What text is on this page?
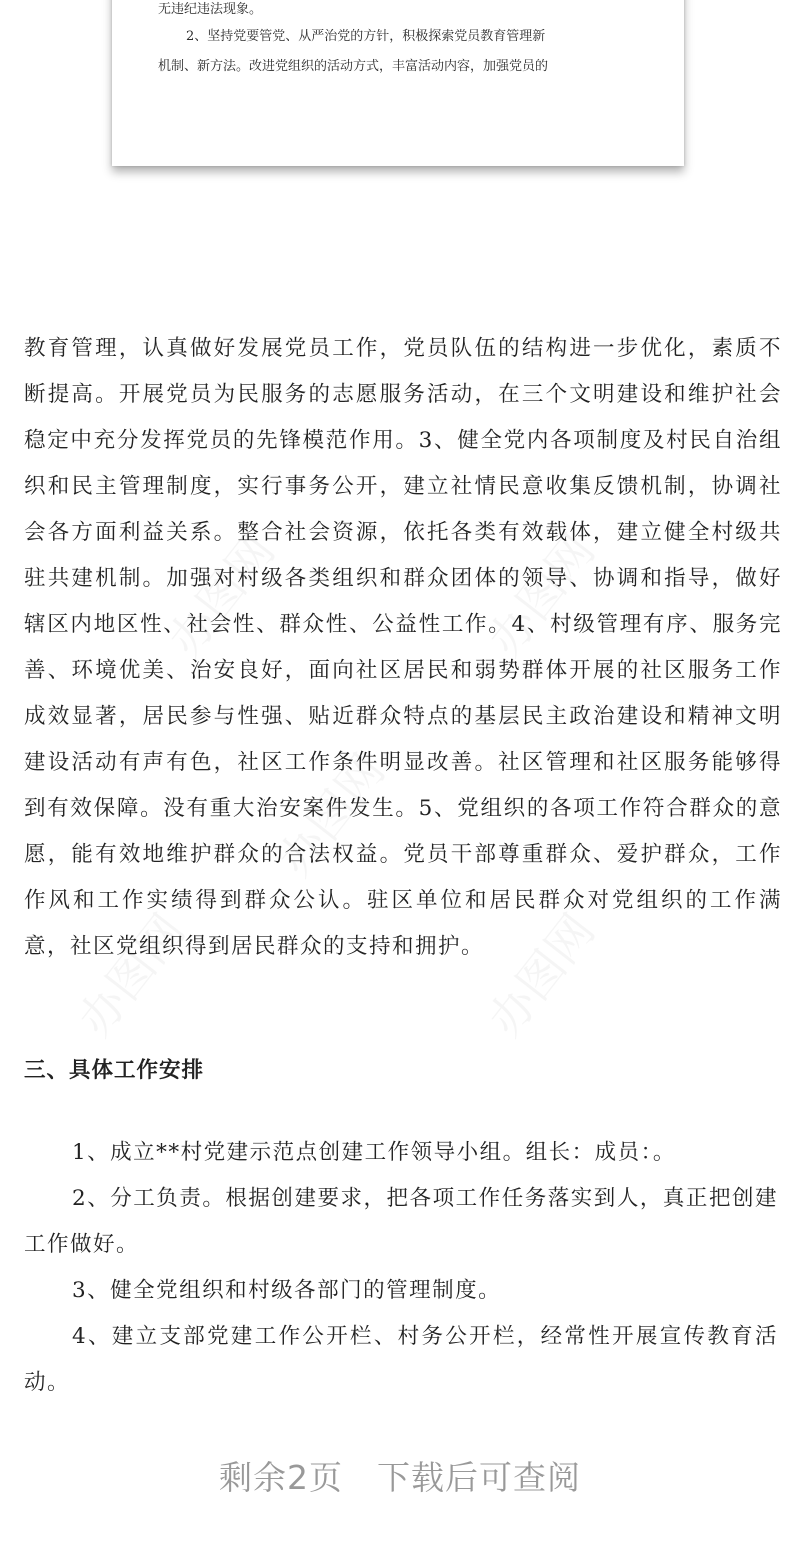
无违纪违法现象。
2、坚持党要管党、从严治党的方针，积极探索党员教育管理新
机制、新方法。改进党组织的活动方式，丰富活动内容，加强党员的
办图网	办图网
办图网
办图网	办图网

教育管理，认真做好发展党员工作，党员队伍的结构进一步优化，素质不断提高。开展党员为民服务的志愿服务活动，在三个文明建设和维护社会稳定中充分发挥党员的先锋模范作用。3、健全党内各项制度及村民自治组织和民主管理制度，实行事务公开，建立社情民意收集反馈机制，协调社会各方面利益关系。整合社会资源，依托各类有效载体，建立健全村级共驻共建机制。加强对村级各类组织和群众团体的领导、协调和指导，做好辖区内地区性、社会性、群众性、公益性工作。4、村级管理有序、服务完善、环境优美、治安良好，面向社区居民和弱势群体开展的社区服务工作成效显著，居民参与性强、贴近群众特点的基层民主政治建设和精神文明建设活动有声有色，社区工作条件明显改善。社区管理和社区服务能够得到有效保障。没有重大治安案件发生。5、党组织的各项工作符合群众的意愿，能有效地维护群众的合法权益。党员干部尊重群众、爱护群众，工作作风和工作实绩得到群众公认。驻区单位和居民群众对党组织的工作满意，社区党组织得到居民群众的支持和拥护。

三、具体工作安排

1、成立**村党建示范点创建工作领导小组。组长：成员：。

2、分工负责。根据创建要求，把各项工作任务落实到人，真正把创建工作做好。

3、健全党组织和村级各部门的管理制度。

4、建立支部党建工作公开栏、村务公开栏，经常性开展宣传教育活动。

剩余2页 下载后可查阅
